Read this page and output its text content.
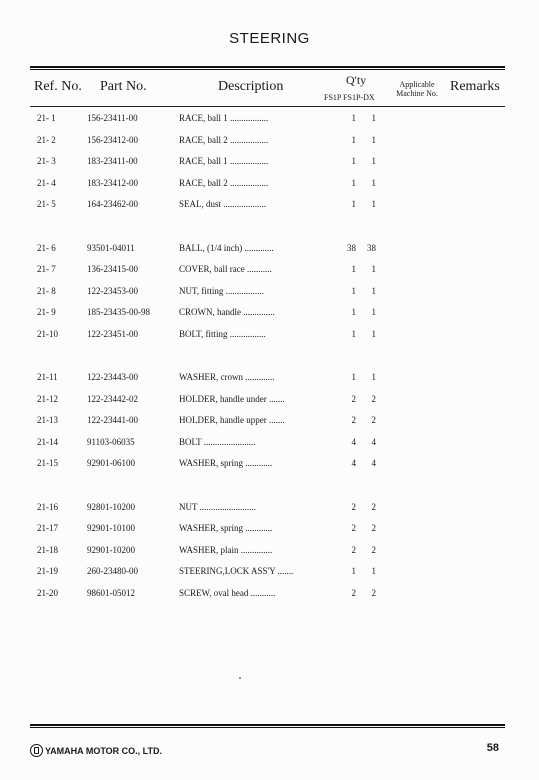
STEERING
Ref. No. Part No.	Description	Q'ty
FS1P FS1P-DX
Applicable
Machine No. Remarks
21- 1	156-23411-00	RACE, ball 1 .................	1	1
21- 2	156-23412-00	RACE, ball 2 .................	1	1
21- 3	183-23411-00	RACE, ball 1 .................	1	1
21- 4	183-23412-00	RACE, ball 2 .................	1	1
21- 5	164-23462-00	SEAL, dust ...................	1	1
21- 6	93501-04011	BALL, (1/4 inch) .............	38 38
21- 7	136-23415-00	COVER, ball race ...........	1	1
21- 8	122-23453-00	NUT, fitting .................	1	1
21- 9	185-23435-00-98	CROWN, handle ..............	1	1
21-10	122-23451-00	BOLT, fitting ................	1	1
21-11	122-23443-00	WASHER, crown .............	1	1
21-12	122-23442-02	HOLDER, handle under .......	2	2
21-13	122-23441-00	HOLDER, handle upper .......	2	2
21-14	91103-06035	BOLT .......................	4	4
21-15	92901-06100	WASHER, spring ............	4	4
21-16	92801-10200	NUT .........................	2	2
21-17	92901-10100	WASHER, spring ............	2	2
21-18	92901-10200	WASHER, plain ..............	2	2
21-19	260-23480-00	STEERING,LOCK ASS'Y .......	1	1
21-20	98601-05012	SCREW, oval head ...........	2	2
YAMAHA MOTOR CO., LTD.	58
